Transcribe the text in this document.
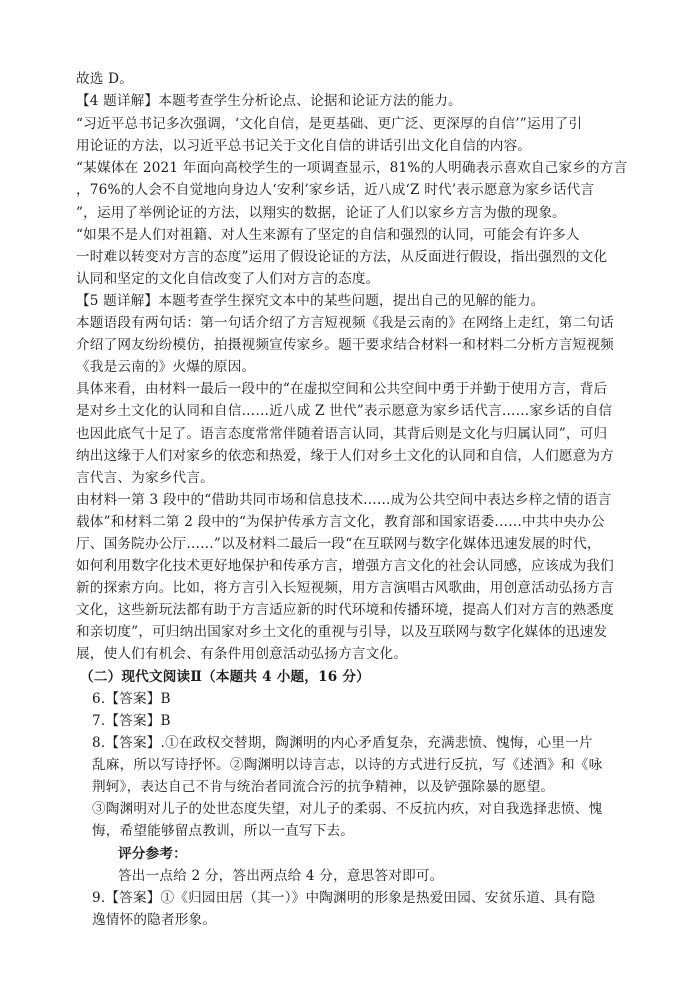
故选 D。
【4 题详解】本题考查学生分析论点、论据和论证方法的能力。
“习近平总书记多次强调，‘文化自信，是更基础、更广泛、更深厚的自信’”运用了引
用论证的方法，以习近平总书记关于文化自信的讲话引出文化自信的内容。
“某媒体在 2021 年面向高校学生的一项调查显示，81%的人明确表示喜欢自己家乡的方言
，76%的人会不自觉地向身边人‘安利’家乡话，近八成‘Z 时代’表示愿意为家乡话代言
”，运用了举例论证的方法，以翔实的数据，论证了人们以家乡方言为傲的现象。
“如果不是人们对祖籍、对人生来源有了坚定的自信和强烈的认同，可能会有许多人
一时难以转变对方言的态度”运用了假设论证的方法，从反面进行假设，指出强烈的文化
认同和坚定的文化自信改变了人们对方言的态度。
【5 题详解】本题考查学生探究文本中的某些问题，提出自己的见解的能力。
本题语段有两句话：第一句话介绍了方言短视频《我是云南的》在网络上走红，第二句话
介绍了网友纷纷模仿，拍摄视频宣传家乡。题干要求结合材料一和材料二分析方言短视频
《我是云南的》火爆的原因。
具体来看，由材料一最后一段中的“在虚拟空间和公共空间中勇于并勤于使用方言，背后
是对乡土文化的认同和自信……近八成 Z 世代”表示愿意为家乡话代言……家乡话的自信
也因此底气十足了。语言态度常常伴随着语言认同，其背后则是文化与归属认同”，可归
纳出这缘于人们对家乡的依恋和热爱，缘于人们对乡土文化的认同和自信，人们愿意为方
言代言、为家乡代言。
由材料一第 3 段中的“借助共同市场和信息技术……成为公共空间中表达乡梓之情的语言
载体”和材料二第 2 段中的“为保护传承方言文化，教育部和国家语委……中共中央办公
厅、国务院办公厅……”以及材料二最后一段“在互联网与数字化媒体迅速发展的时代，
如何利用数字化技术更好地保护和传承方言，增强方言文化的社会认同感，应该成为我们
新的探索方向。比如，将方言引入长短视频，用方言演唱古风歌曲，用创意活动弘扬方言
文化，这些新玩法都有助于方言适应新的时代环境和传播环境，提高人们对方言的熟悉度
和亲切度”，可归纳出国家对乡土文化的重视与引导，以及互联网与数字化媒体的迅速发
展，使人们有机会、有条件用创意活动弘扬方言文化。
（二）现代文阅读Ⅱ（本题共 4 小题，16 分）
6.【答案】B
7.【答案】B
8.【答案】.①在政权交替期，陶渊明的内心矛盾复杂，充满悲愤、愧悔，心里一片
乱麻，所以写诗抒怀。②陶渊明以诗言志，以诗的方式进行反抗，写《述酒》和《咏
荆轲》，表达自己不肯与统治者同流合污的抗争精神，以及铲强除暴的愿望。
③陶渊明对儿子的处世态度失望，对儿子的柔弱、不反抗内疚，对自我选择悲愤、愧
悔，希望能够留点教训，所以一直写下去。
评分参考：
答出一点给 2 分，答出两点给 4 分，意思答对即可。
9.【答案】①《归园田居（其一）》中陶渊明的形象是热爱田园、安贫乐道、具有隐
逸情怀的隐者形象。
